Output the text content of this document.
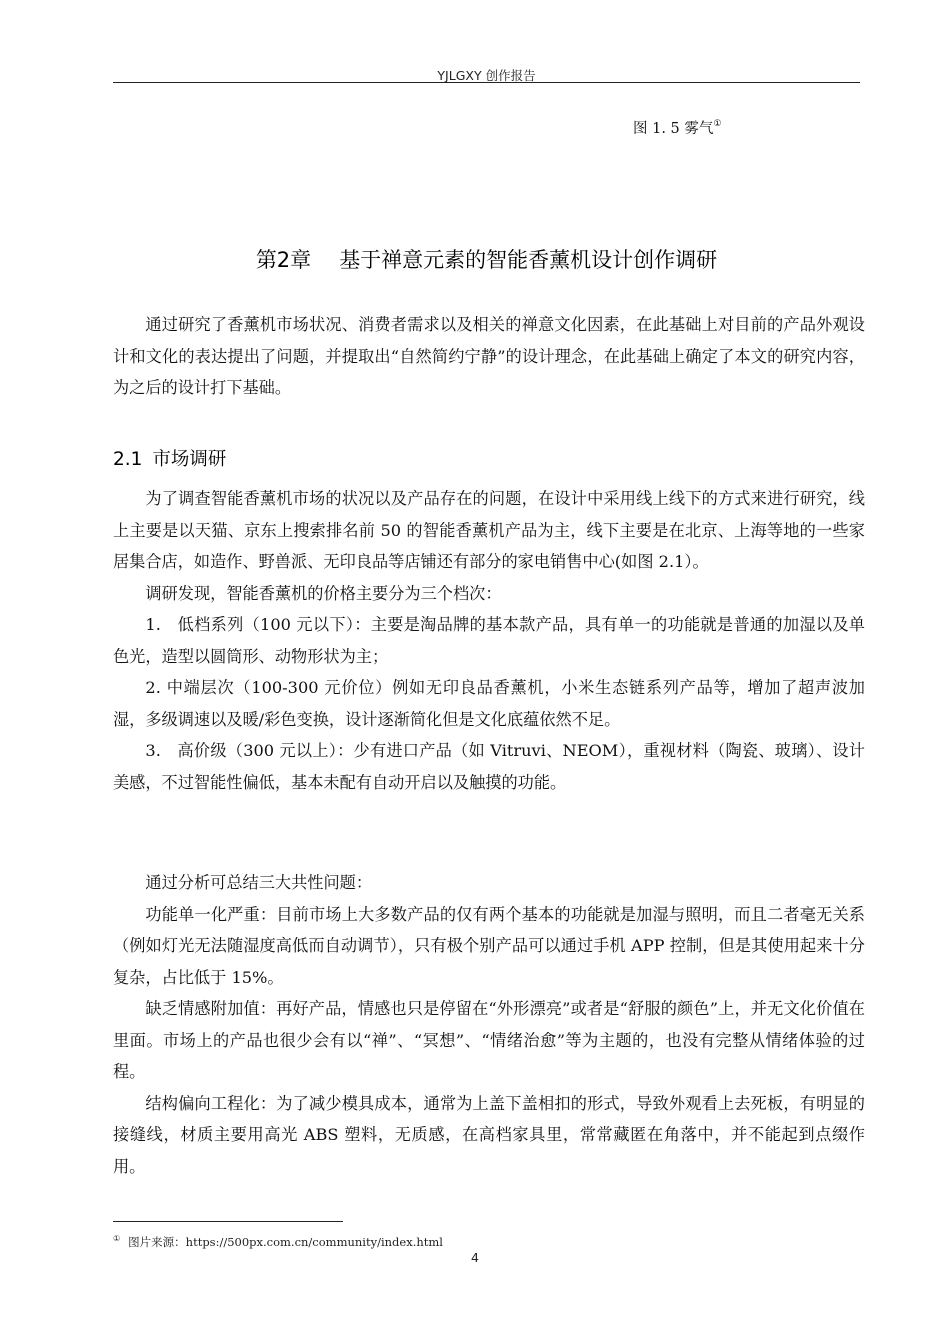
YJLGXY 创作报告
图 1. 5 雾气①
第2章 基于禅意元素的智能香薰机设计创作调研

通过研究了香薰机市场状况、消费者需求以及相关的禅意文化因素，在此基础上对目前的产品外观设计和文化的表达提出了问题，并提取出“自然简约宁静”的设计理念，在此基础上确定了本文的研究内容，为之后的设计打下基础。

2.1 市场调研

为了调查智能香薰机市场的状况以及产品存在的问题，在设计中采用线上线下的方式来进行研究，线上主要是以天猫、京东上搜索排名前 50 的智能香薰机产品为主，线下主要是在北京、上海等地的一些家居集合店，如造作、野兽派、无印良品等店铺还有部分的家电销售中心(如图 2.1）。

调研发现，智能香薰机的价格主要分为三个档次：

1.　低档系列（100 元以下）：主要是淘品牌的基本款产品，具有单一的功能就是普通的加湿以及单色光，造型以圆筒形、动物形状为主；

2. 中端层次（100-300 元价位）例如无印良品香薰机，小米生态链系列产品等，增加了超声波加湿，多级调速以及暖/彩色变换，设计逐渐简化但是文化底蕴依然不足。

3.　高价级（300 元以上）：少有进口产品（如 Vitruvi、NEOM），重视材料（陶瓷、玻璃）、设计美感，不过智能性偏低，基本未配有自动开启以及触摸的功能。

通过分析可总结三大共性问题：

功能单一化严重：目前市场上大多数产品的仅有两个基本的功能就是加湿与照明，而且二者毫无关系（例如灯光无法随湿度高低而自动调节），只有极个别产品可以通过手机 APP 控制，但是其使用起来十分复杂，占比低于 15%。

缺乏情感附加值：再好产品，情感也只是停留在“外形漂亮”或者是“舒服的颜色”上，并无文化价值在里面。市场上的产品也很少会有以“禅”、“冥想”、“情绪治愈”等为主题的，也没有完整从情绪体验的过程。

结构偏向工程化：为了减少模具成本，通常为上盖下盖相扣的形式，导致外观看上去死板，有明显的接缝线，材质主要用高光 ABS 塑料，无质感，在高档家具里，常常藏匿在角落中，并不能起到点缀作用。

① 图片来源：https://500px.com.cn/community/index.html
4
